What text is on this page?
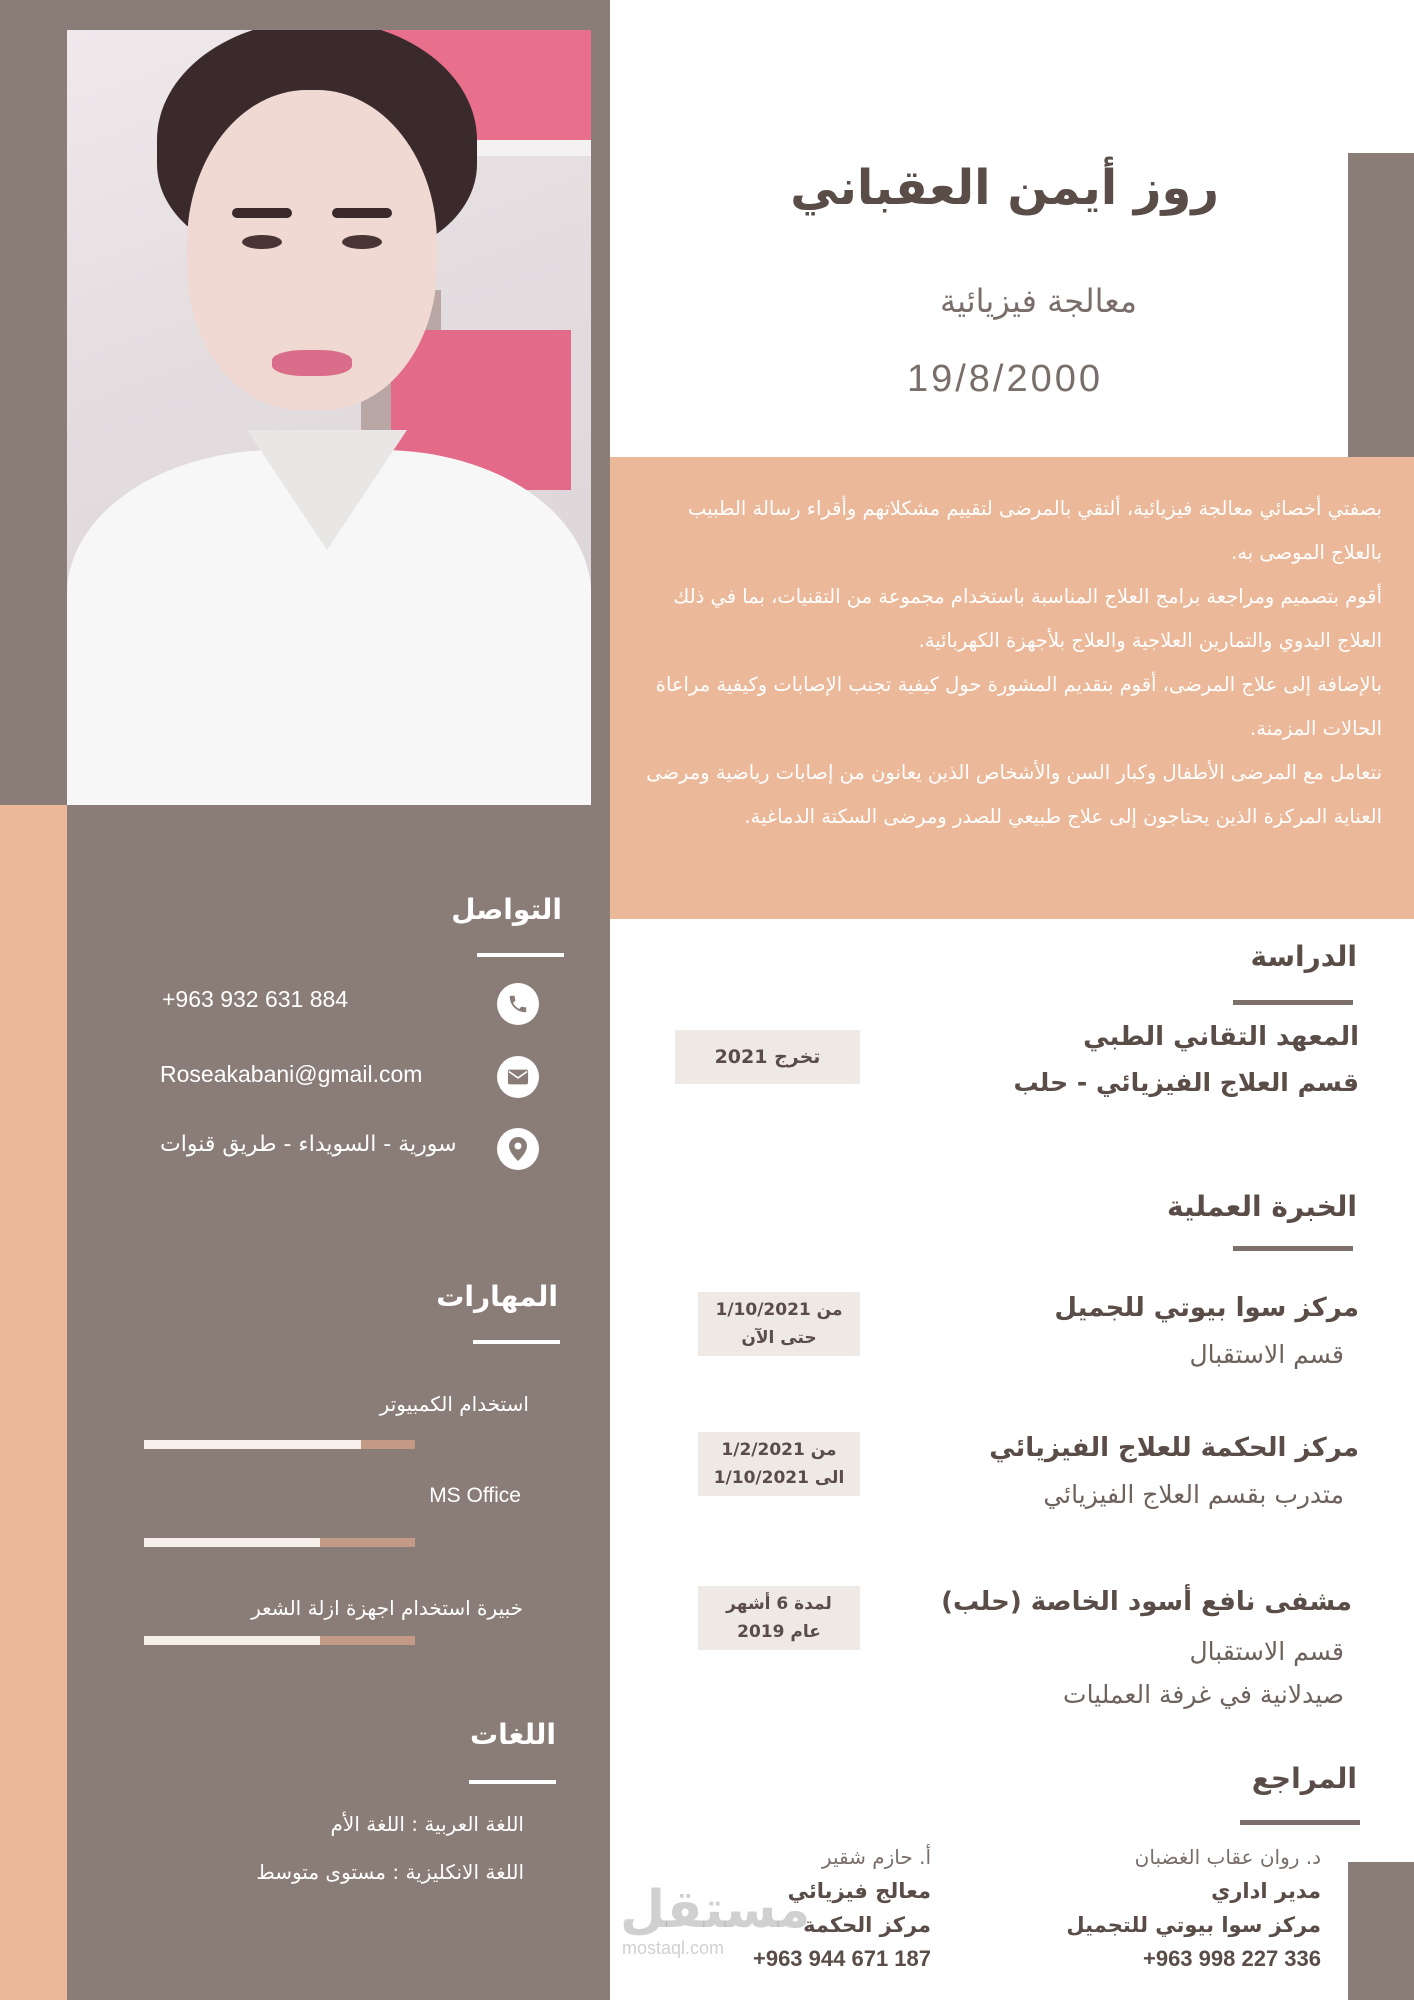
روز أيمن العقباني
معالجة فيزيائية
19/8/2000

بصفتي أخصائي معالجة فيزيائية، ألتقي بالمرضى لتقييم مشكلاتهم وأقراء رسالة الطبيب بالعلاج الموصى به.

أقوم بتصميم ومراجعة برامج العلاج المناسبة باستخدام مجموعة من التقنيات، بما في ذلك العلاج اليدوي والتمارين العلاجية والعلاج بلأجهزة الكهربائية.

بالإضافة إلى علاج المرضى، أقوم بتقديم المشورة حول كيفية تجنب الإصابات وكيفية مراعاة الحالات المزمنة.

نتعامل مع المرضى الأطفال وكبار السن والأشخاص الذين يعانون من إصابات رياضية ومرضى العناية المركزة الذين يحتاجون إلى علاج طبيعي للصدر ومرضى السكتة الدماغية.

التواصل
+963 932 631 884
Roseakabani@gmail.com
سورية - السويداء - طريق قنوات
المهارات
استخدام الكمبيوتر
MS Office
خبيرة استخدام اجهزة ازلة الشعر
اللغات
اللغة العربية : اللغة الأم
اللغة الانكليزية : مستوى متوسط
الدراسة
المعهد التقاني الطبي
قسم العلاج الفيزيائي - حلب
تخرج 2021
الخبرة العملية
مركز سوا بيوتي للجميل
قسم الاستقبال
من 1/10/2021
حتى الآن
مركز الحكمة للعلاج الفيزيائي
متدرب بقسم العلاج الفيزيائي
من 1/2/2021
الى 1/10/2021
مشفى نافع أسود الخاصة (حلب)
قسم الاستقبال
صيدلانية في غرفة العمليات
لمدة 6 أشهر
عام 2019
المراجع
د. روان عقاب الغضبان
مدير اداري
مركز سوا بيوتي للتجميل
+963 998 227 336
أ. حازم شقير
معالج فيزيائي
مركز الحكمة
+963 944 671 187
مستقل
mostaql.com
